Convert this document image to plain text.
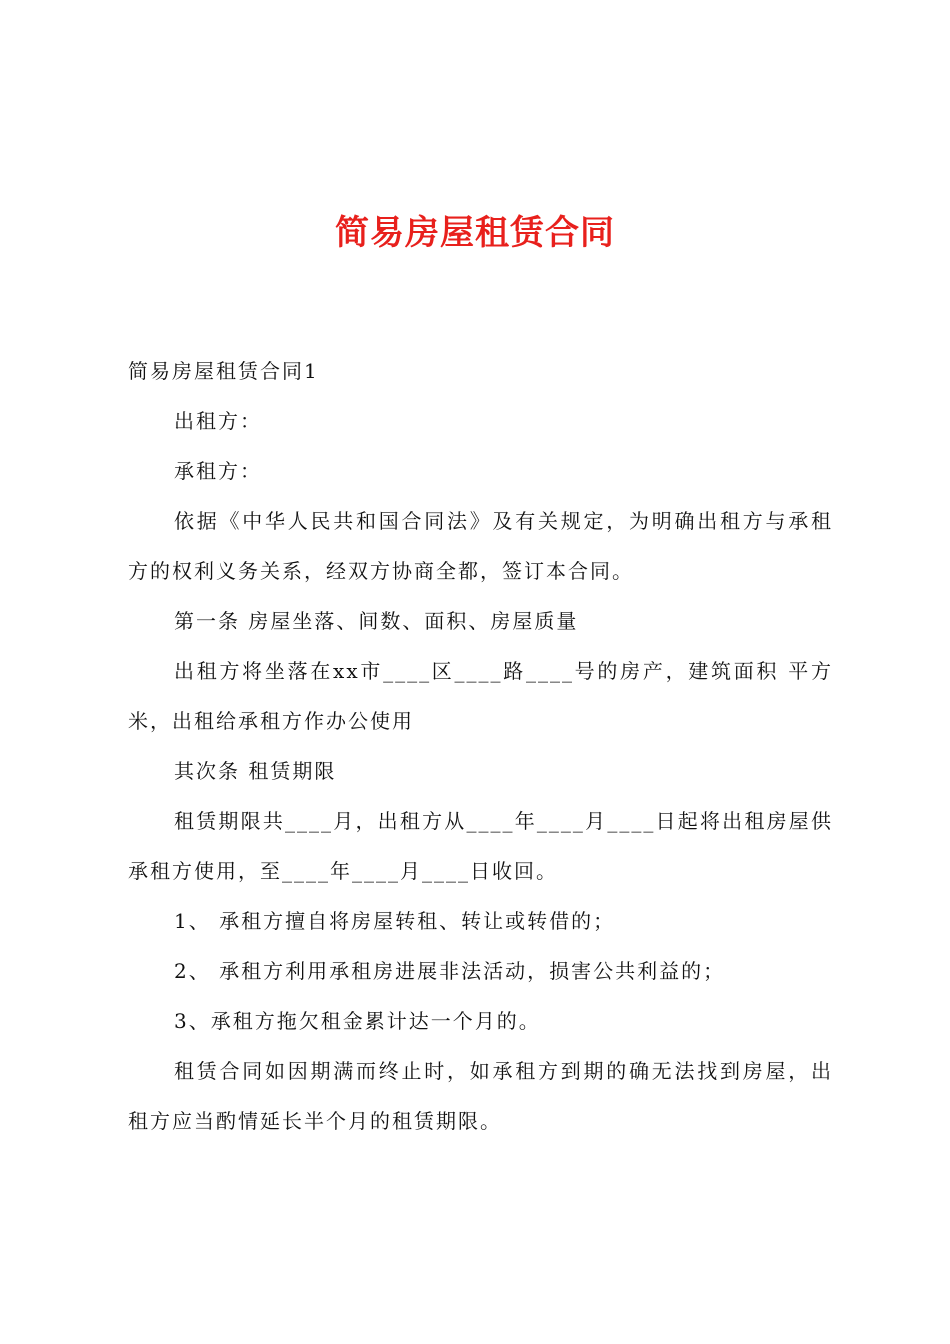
简易房屋租赁合同

简易房屋租赁合同1

出租方：

承租方：

依据《中华人民共和国合同法》及有关规定，为明确出租方与承租方的权利义务关系，经双方协商全都，签订本合同。

第一条 房屋坐落、间数、面积、房屋质量

出租方将坐落在xx市____区____路____号的房产，建筑面积 平方米，出租给承租方作办公使用

其次条 租赁期限

租赁期限共____月，出租方从____年____月____日起将出租房屋供承租方使用，至____年____月____日收回。

1、 承租方擅自将房屋转租、转让或转借的；

2、 承租方利用承租房进展非法活动，损害公共利益的；

3、承租方拖欠租金累计达一个月的。

租赁合同如因期满而终止时，如承租方到期的确无法找到房屋，出租方应当酌情延长半个月的租赁期限。
